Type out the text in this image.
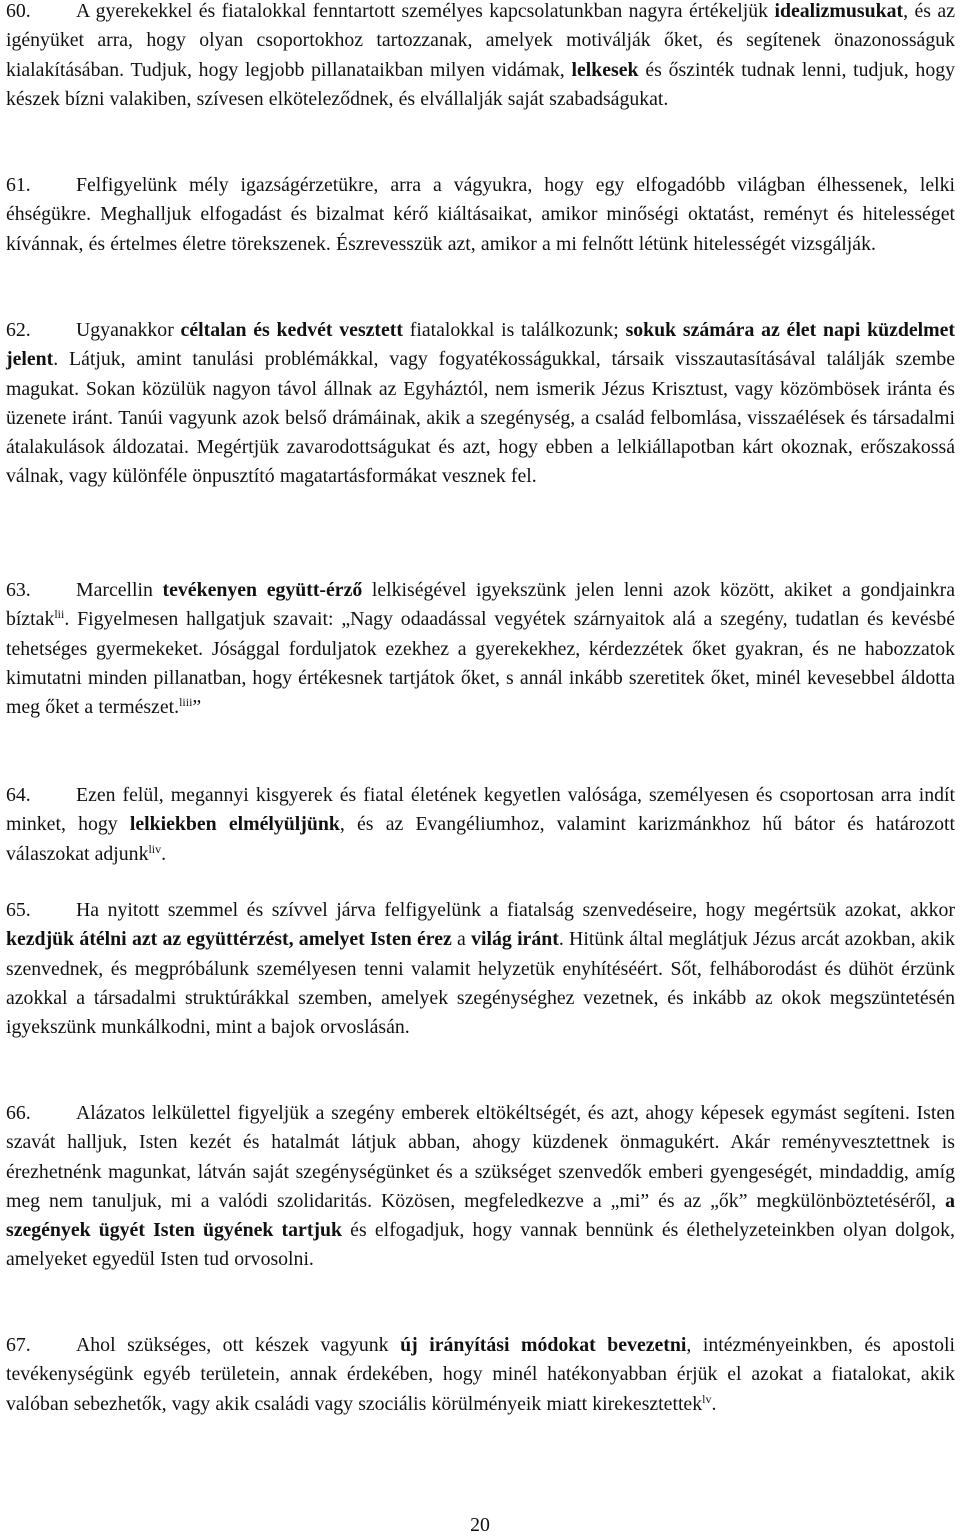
60. A gyerekekkel és fiatalokkal fenntartott személyes kapcsolatunkban nagyra értékeljük idealizmusukat, és az igényüket arra, hogy olyan csoportokhoz tartozzanak, amelyek motiválják őket, és segítenek önazonosságuk kialakításában. Tudjuk, hogy legjobb pillanataikban milyen vidámak, lelkesek és őszinték tudnak lenni, tudjuk, hogy készek bízni valakiben, szívesen elköteleződnek, és elvállalják saját szabadságukat.

61. Felfigyelünk mély igazságérzetükre, arra a vágyukra, hogy egy elfogadóbb világban élhessenek, lelki éhségükre. Meghalljuk elfogadást és bizalmat kérő kiáltásaikat, amikor minőségi oktatást, reményt és hitelességet kívánnak, és értelmes életre törekszenek. Észrevesszük azt, amikor a mi felnőtt létünk hitelességét vizsgálják.

62. Ugyanakkor céltalan és kedvét vesztett fiatalokkal is találkozunk; sokuk számára az élet napi küzdelmet jelent. Látjuk, amint tanulási problémákkal, vagy fogyatékosságukkal, társaik visszautasításával találják szembe magukat. Sokan közülük nagyon távol állnak az Egyháztól, nem ismerik Jézus Krisztust, vagy közömbösek iránta és üzenete iránt. Tanúi vagyunk azok belső drámáinak, akik a szegénység, a család felbomlása, visszaélések és társadalmi átalakulások áldozatai. Megértjük zavarodottságukat és azt, hogy ebben a lelkiállapotban kárt okoznak, erőszakossá válnak, vagy különféle önpusztító magatartásformákat vesznek fel.

63. Marcellin tevékenyen együtt-érző lelkiségével igyekszünk jelen lenni azok között, akiket a gondjainkra bíztak$^{lii}$. Figyelmesen hallgatjuk szavait: „Nagy odaadással vegyétek szárnyaitok alá a szegény, tudatlan és kevésbé tehetséges gyermekeket. Jósággal forduljatok ezekhez a gyerekekhez, kérdezzétek őket gyakran, és ne habozzatok kimutatni minden pillanatban, hogy értékesnek tartjátok őket, s annál inkább szeretitek őket, minél kevesebbel áldotta meg őket a természet.$^{liii}$”

64. Ezen felül, megannyi kisgyerek és fiatal életének kegyetlen valósága, személyesen és csoportosan arra indít minket, hogy lelkiekben elmélyüljünk, és az Evangéliumhoz, valamint karizmánkhoz hű bátor és határozott válaszokat adjunk$^{liv}$.

65. Ha nyitott szemmel és szívvel járva felfigyelünk a fiatalság szenvedéseire, hogy megértsük azokat, akkor kezdjük átélni azt az együttérzést, amelyet Isten érez a világ iránt. Hitünk által meglátjuk Jézus arcát azokban, akik szenvednek, és megpróbálunk személyesen tenni valamit helyzetük enyhítéséért. Sőt, felháborodást és dühöt érzünk azokkal a társadalmi struktúrákkal szemben, amelyek szegénységhez vezetnek, és inkább az okok megszüntetésén igyekszünk munkálkodni, mint a bajok orvoslásán.

66. Alázatos lelkülettel figyeljük a szegény emberek eltökéltségét, és azt, ahogy képesek egymást segíteni. Isten szavát halljuk, Isten kezét és hatalmát látjuk abban, ahogy küzdenek önmagukért. Akár reményvesztettnek is érezhetnénk magunkat, látván saját szegénységünket és a szükséget szenvedők emberi gyengeségét, mindaddig, amíg meg nem tanuljuk, mi a valódi szolidaritás. Közösen, megfeledkezve a „mi” és az „ők” megkülönböztetéséről, a szegények ügyét Isten ügyének tartjuk és elfogadjuk, hogy vannak bennünk és élethelyzeteinkben olyan dolgok, amelyeket egyedül Isten tud orvosolni.

67. Ahol szükséges, ott készek vagyunk új irányítási módokat bevezetni, intézményeinkben, és apostoli tevékenységünk egyéb területein, annak érdekében, hogy minél hatékonyabban érjük el azokat a fiatalokat, akik valóban sebezhetők, vagy akik családi vagy szociális körülményeik miatt kirekesztettek$^{lv}$.

20
